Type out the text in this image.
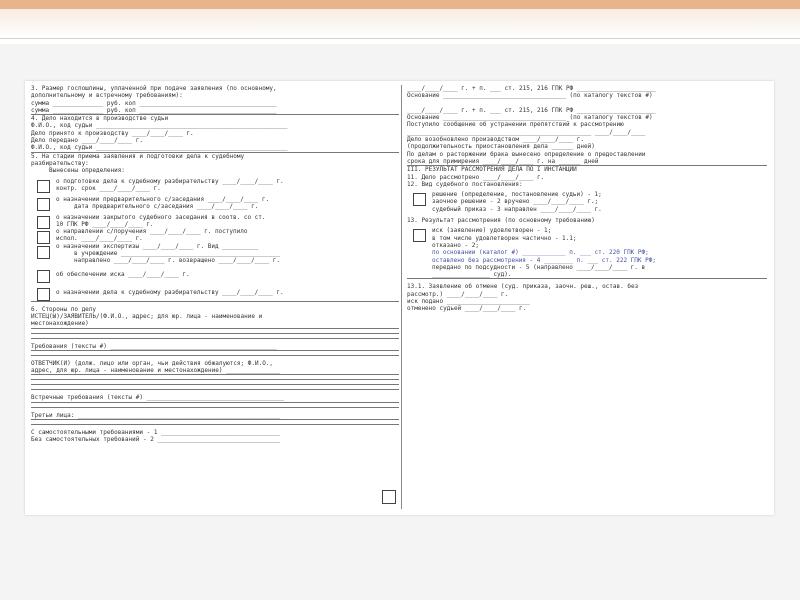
3. Размер госпошлины, уплаченной при подаче заявления (по основному,
дополнительному и встречному требованиям):
сумма ______________ руб. коп ______________________________________
сумма ______________ руб. коп ______________________________________
4. Дело находится в производстве судьи
Ф.И.О., код судьи _____________________________________________________
Дело принято к производству ____/____/____ г.
Дело передано ____/____/____ г.
Ф.И.О., код судьи _____________________________________________________
5. На стадии приема заявления и подготовки дела к судебному
разбирательству:
Вынесены определения:
о подготовке дела к судебному разбирательству ____/____/____ г.
контр. срок ____/____/____ г.
о назначении предварительного с/заседания ____/____/____ г.
дата предварительного с/заседания ____/____/____ г.
о назначении закрытого судебного заседания в соотв. со ст.
10 ГПК РФ ____/____/____ г.
о направлении с/поручения ____/____/____ г. поступило
испол. ____/____/____ г.
о назначении экспертизы ____/____/____ г. Вид __________
в учреждение ____________________________________________
направлено ____/____/____ г. возвращено ____/____/____ г.
об обеспечении иска ____/____/____ г.
о назначении дела к судебному разбирательству ____/____/____ г.
6. Стороны по делу
ИСТЕЦ(Ы)/ЗАЯВИТЕЛЬ/(Ф.И.О., адрес; для юр. лица - наименование и
местонахождение)
Требования (тексты #) ______________________________________________
ОТВЕТЧИК(И) (долж. лицо или орган, чьи действия обжалуются; Ф.И.О.,
адрес, для юр. лица - наименование и местонахождение) _______________
Встречные требования (тексты #) ______________________________________
Третьи лица: ________________________________________________________
С самостоятельными требованиями - 1 _________________________________
Без самостоятельных требований - 2 __________________________________
____/____/____ г. + п. ___ ст. 215, 216 ГПК РФ ______________________
Основание __________________________________ (по каталогу текстов #)
____/____/____ г. + п. ___ ст. 215, 216 ГПК РФ ______________________
Основание __________________________________ (по каталогу текстов #)
Поступило сообщение об устранении препятствий к рассмотрению
___________________________________________________ ____/____/____
Дело возобновлено производством ____/____/____ г.
(продолжительность приостановления дела ______ дней)
По делам о расторжении брака вынесено определение о предоставлении
срока для примирения ____/____/____ г. на ______ дней
III. РЕЗУЛЬТАТ РАССМОТРЕНИЯ ДЕЛА ПО I ИНСТАНЦИИ
11. Дело рассмотрено ____/____/____ г.
12. Вид судебного постановления:
решение (определение, постановление судьи) - 1;
заочное решение - 2 вручено ____/____/____ г.;
судебный приказ - 3 направлен ____/____/____ г.
13. Результат рассмотрения (по основному требованию)
иск (заявление) удовлетворен - 1;
в том числе удовлетворен частично - 1.1;
отказано - 2;
по основании (каталог #) ____________ п. ___ ст. 220 ГПК РФ;
оставлено без рассмотрения - 4 ________ п. ___ ст. 222 ГПК РФ;
передано по подсудности - 5 (направлено ____/____/____ г. в
________________ суд).
13.1. Заявление об отмене (суд. приказа, заочн. реш., остав. без
рассмотр.) ____/____/____ г.
иск подано _______________________
отменено судьей ____/____/____ г.
